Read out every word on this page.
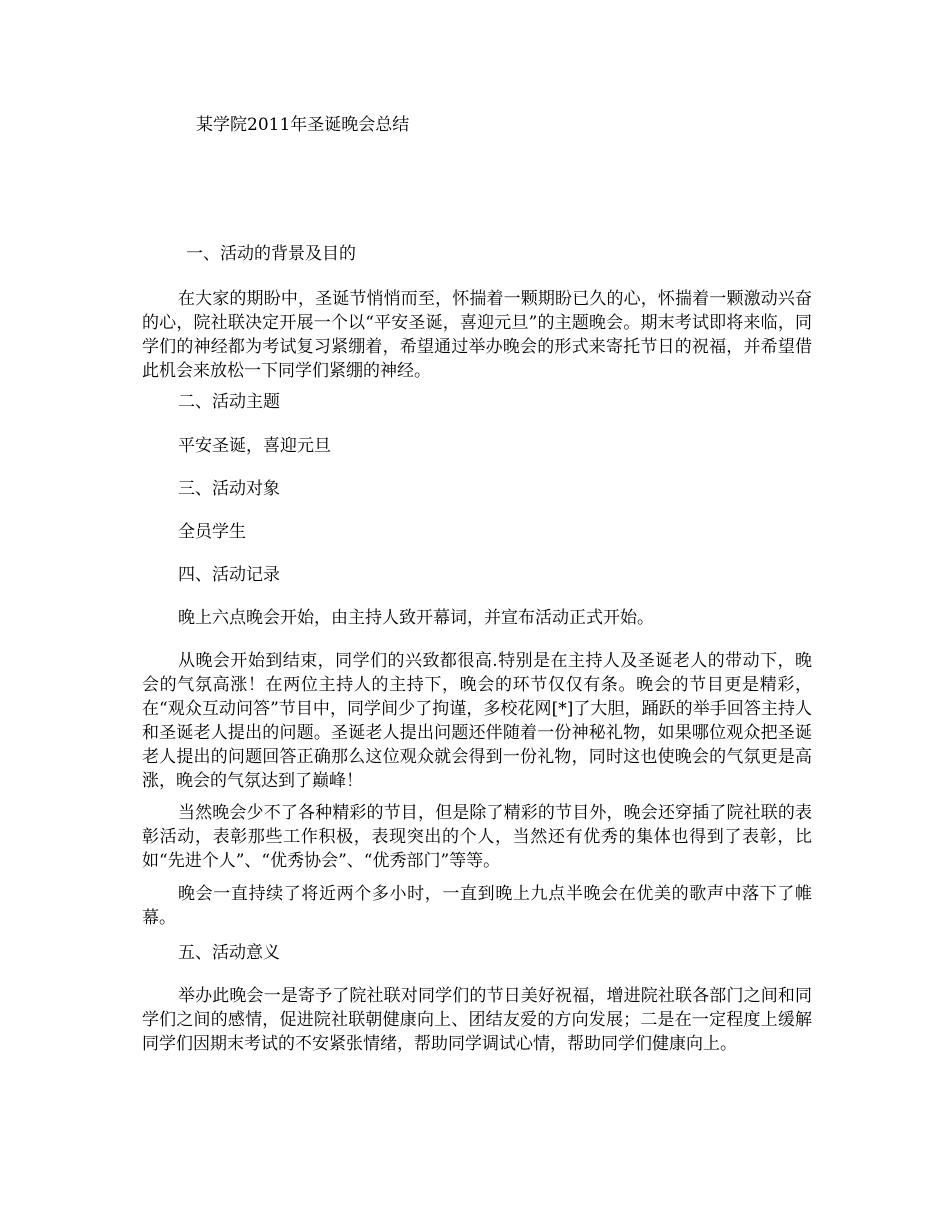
某学院2011年圣诞晚会总结
一、活动的背景及目的

在大家的期盼中，圣诞节悄悄而至，怀揣着一颗期盼已久的心，怀揣着一颗激动兴奋的心，院社联决定开展一个以“平安圣诞，喜迎元旦”的主题晚会。期末考试即将来临，同学们的神经都为考试复习紧绷着，希望通过举办晚会的形式来寄托节日的祝福，并希望借此机会来放松一下同学们紧绷的神经。

二、活动主题
平安圣诞，喜迎元旦
三、活动对象
全员学生
四、活动记录
晚上六点晚会开始，由主持人致开幕词，并宣布活动正式开始。

从晚会开始到结束，同学们的兴致都很高.特别是在主持人及圣诞老人的带动下，晚会的气氛高涨！在两位主持人的主持下，晚会的环节仅仅有条。晚会的节目更是精彩，在“观众互动问答”节目中，同学间少了拘谨，多校花网[*]了大胆，踊跃的举手回答主持人和圣诞老人提出的问题。圣诞老人提出问题还伴随着一份神秘礼物，如果哪位观众把圣诞老人提出的问题回答正确那么这位观众就会得到一份礼物，同时这也使晚会的气氛更是高涨，晚会的气氛达到了巅峰！

当然晚会少不了各种精彩的节目，但是除了精彩的节目外，晚会还穿插了院社联的表彰活动，表彰那些工作积极，表现突出的个人，当然还有优秀的集体也得到了表彰，比如“先进个人”、“优秀协会”、“优秀部门”等等。

晚会一直持续了将近两个多小时，一直到晚上九点半晚会在优美的歌声中落下了帷幕。

五、活动意义

举办此晚会一是寄予了院社联对同学们的节日美好祝福，增进院社联各部门之间和同学们之间的感情，促进院社联朝健康向上、团结友爱的方向发展；二是在一定程度上缓解同学们因期末考试的不安紧张情绪，帮助同学调试心情，帮助同学们健康向上。
